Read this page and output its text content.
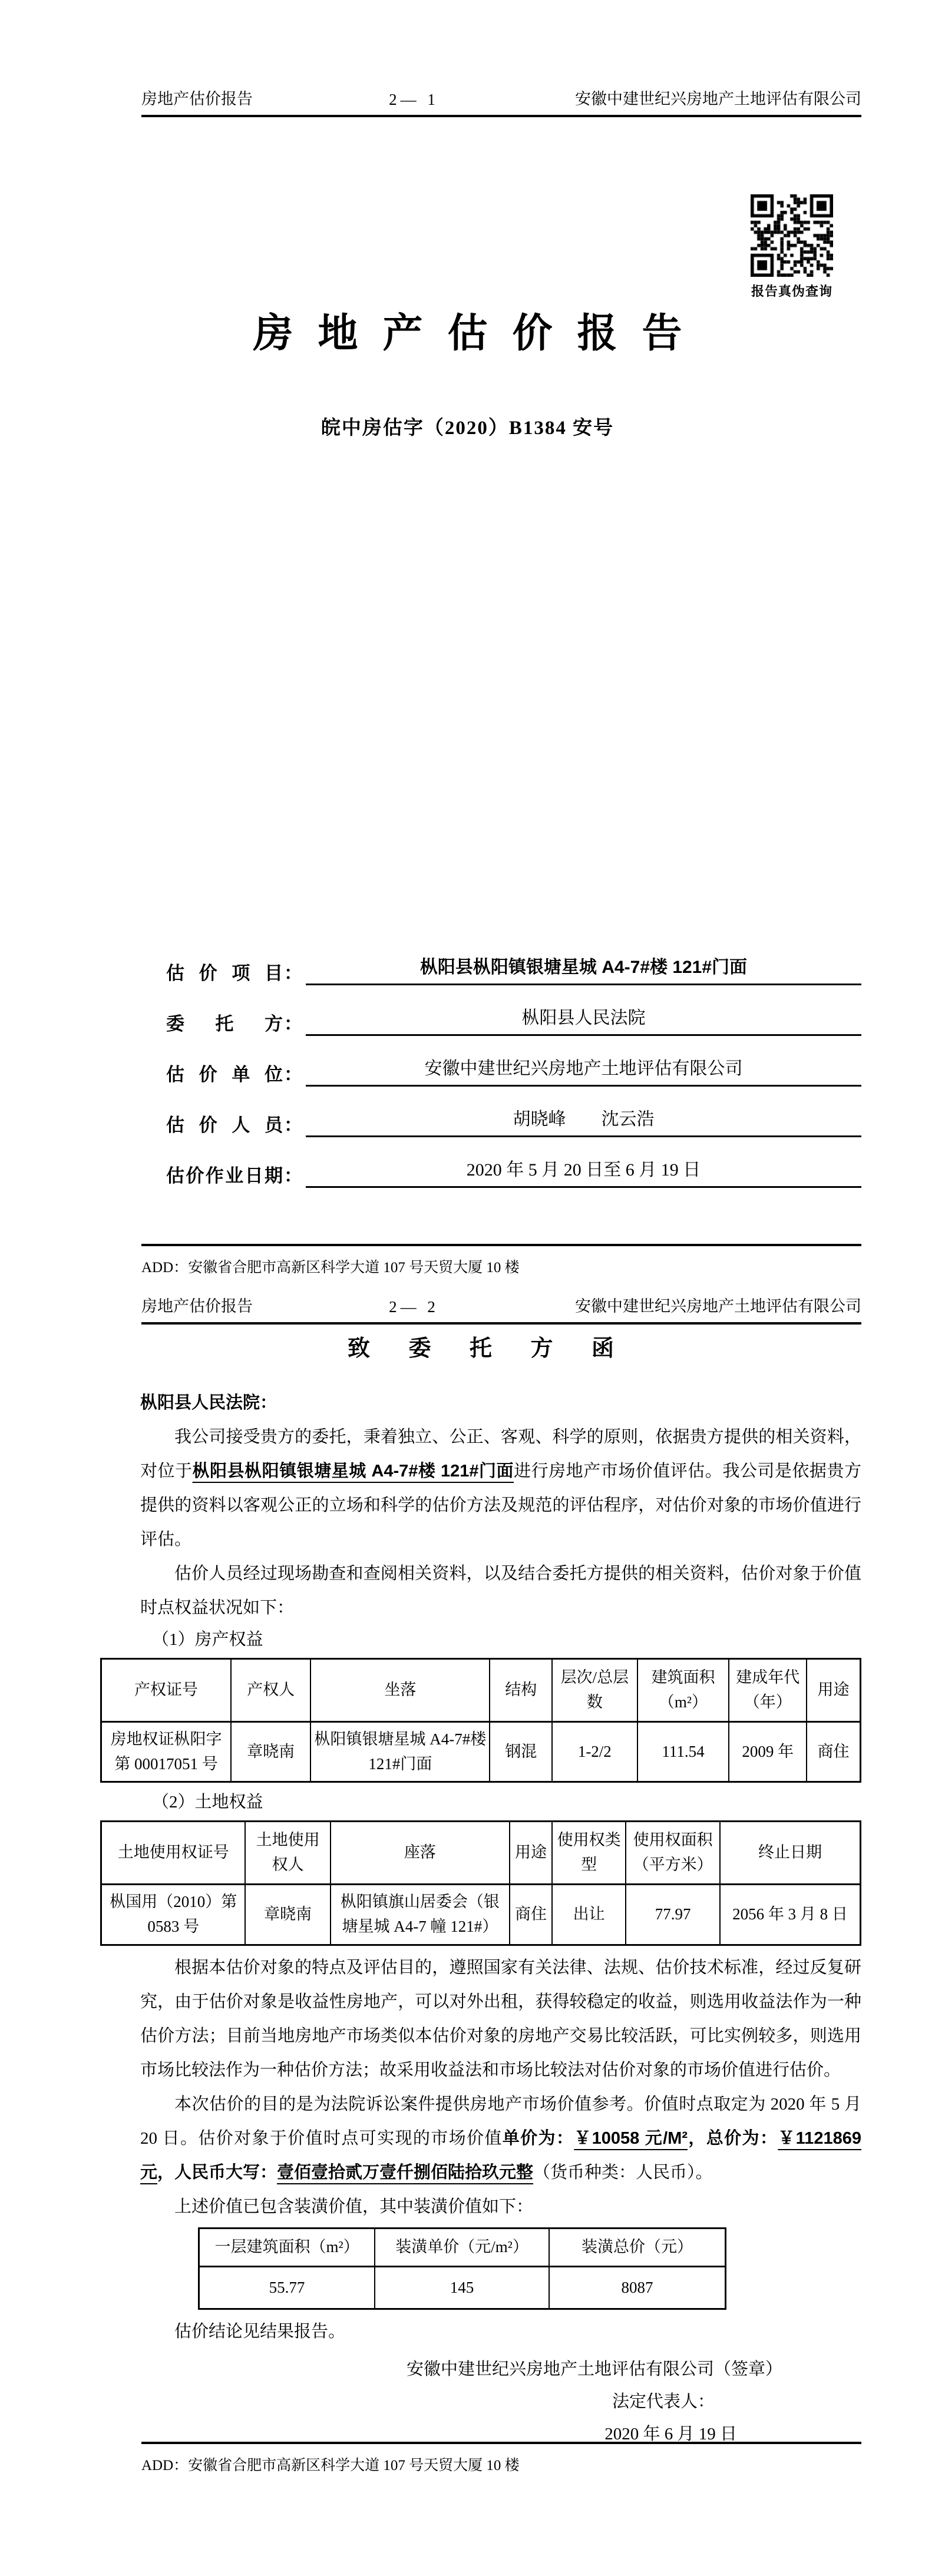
房地产估价报告	2— 1	安徽中建世纪兴房地产土地评估有限公司
报告真伪查询
房地产估价报告
皖中房估字（2020）B1384 安号
估价项目 ：	枞阳县枞阳镇银塘星城 A4-7#楼 121#门面
委托方 ：	枞阳县人民法院
估价单位 ：	安徽中建世纪兴房地产土地评估有限公司
估价人员 ：	胡晓峰　　沈云浩
估价作业日期 ：	2020 年 5 月 20 日至 6 月 19 日
ADD：安徽省合肥市高新区科学大道 107 号天贸大厦 10 楼
房地产估价报告	2— 2	安徽中建世纪兴房地产土地评估有限公司
致 委 托 方 函
枞阳县人民法院：

我公司接受贵方的委托，秉着独立、公正、客观、科学的原则，依据贵方提供的相关资料，对位于枞阳县枞阳镇银塘星城 A4-7#楼 121#门面进行房地产市场价值评估。我公司是依据贵方提供的资料以客观公正的立场和科学的估价方法及规范的评估程序，对估价对象的市场价值进行评估。

估价人员经过现场勘查和查阅相关资料，以及结合委托方提供的相关资料，估价对象于价值时点权益状况如下：

（1）房产权益
产权证号	产权人	坐落	结构	层次/总层数	建筑面积（m²）	建成年代（年）	用途
房地权证枞阳字第 00017051 号	章晓南	枞阳镇银塘星城 A4-7#楼 121#门面	钢混	1-2/2	111.54	2009 年	商住
（2）土地权益
土地使用权证号	土地使用权人	座落	用途	使用权类型	使用权面积（平方米）	终止日期
枞国用（2010）第 0583 号	章晓南	枞阳镇旗山居委会（银塘星城 A4-7 幢 121#）	商住	出让	77.97	2056 年 3 月 8 日

根据本估价对象的特点及评估目的，遵照国家有关法律、法规、估价技术标准，经过反复研究，由于估价对象是收益性房地产，可以对外出租，获得较稳定的收益，则选用收益法作为一种估价方法；目前当地房地产市场类似本估价对象的房地产交易比较活跃，可比实例较多，则选用市场比较法作为一种估价方法；故采用收益法和市场比较法对估价对象的市场价值进行估价。

本次估价的目的是为法院诉讼案件提供房地产市场价值参考。价值时点取定为 2020 年 5 月 20 日。估价对象于价值时点可实现的市场价值单价为：￥10058 元/M²，总价为：￥1121869 元，人民币大写：壹佰壹拾贰万壹仟捌佰陆拾玖元整（货币种类：人民币）。

上述价值已包含装潢价值，其中装潢价值如下：

一层建筑面积（m²）	装潢单价（元/m²）	装潢总价（元）
55.77	145	8087

估价结论见结果报告。

安徽中建世纪兴房地产土地评估有限公司（签章）
法定代表人：
2020 年 6 月 19 日
ADD：安徽省合肥市高新区科学大道 107 号天贸大厦 10 楼
